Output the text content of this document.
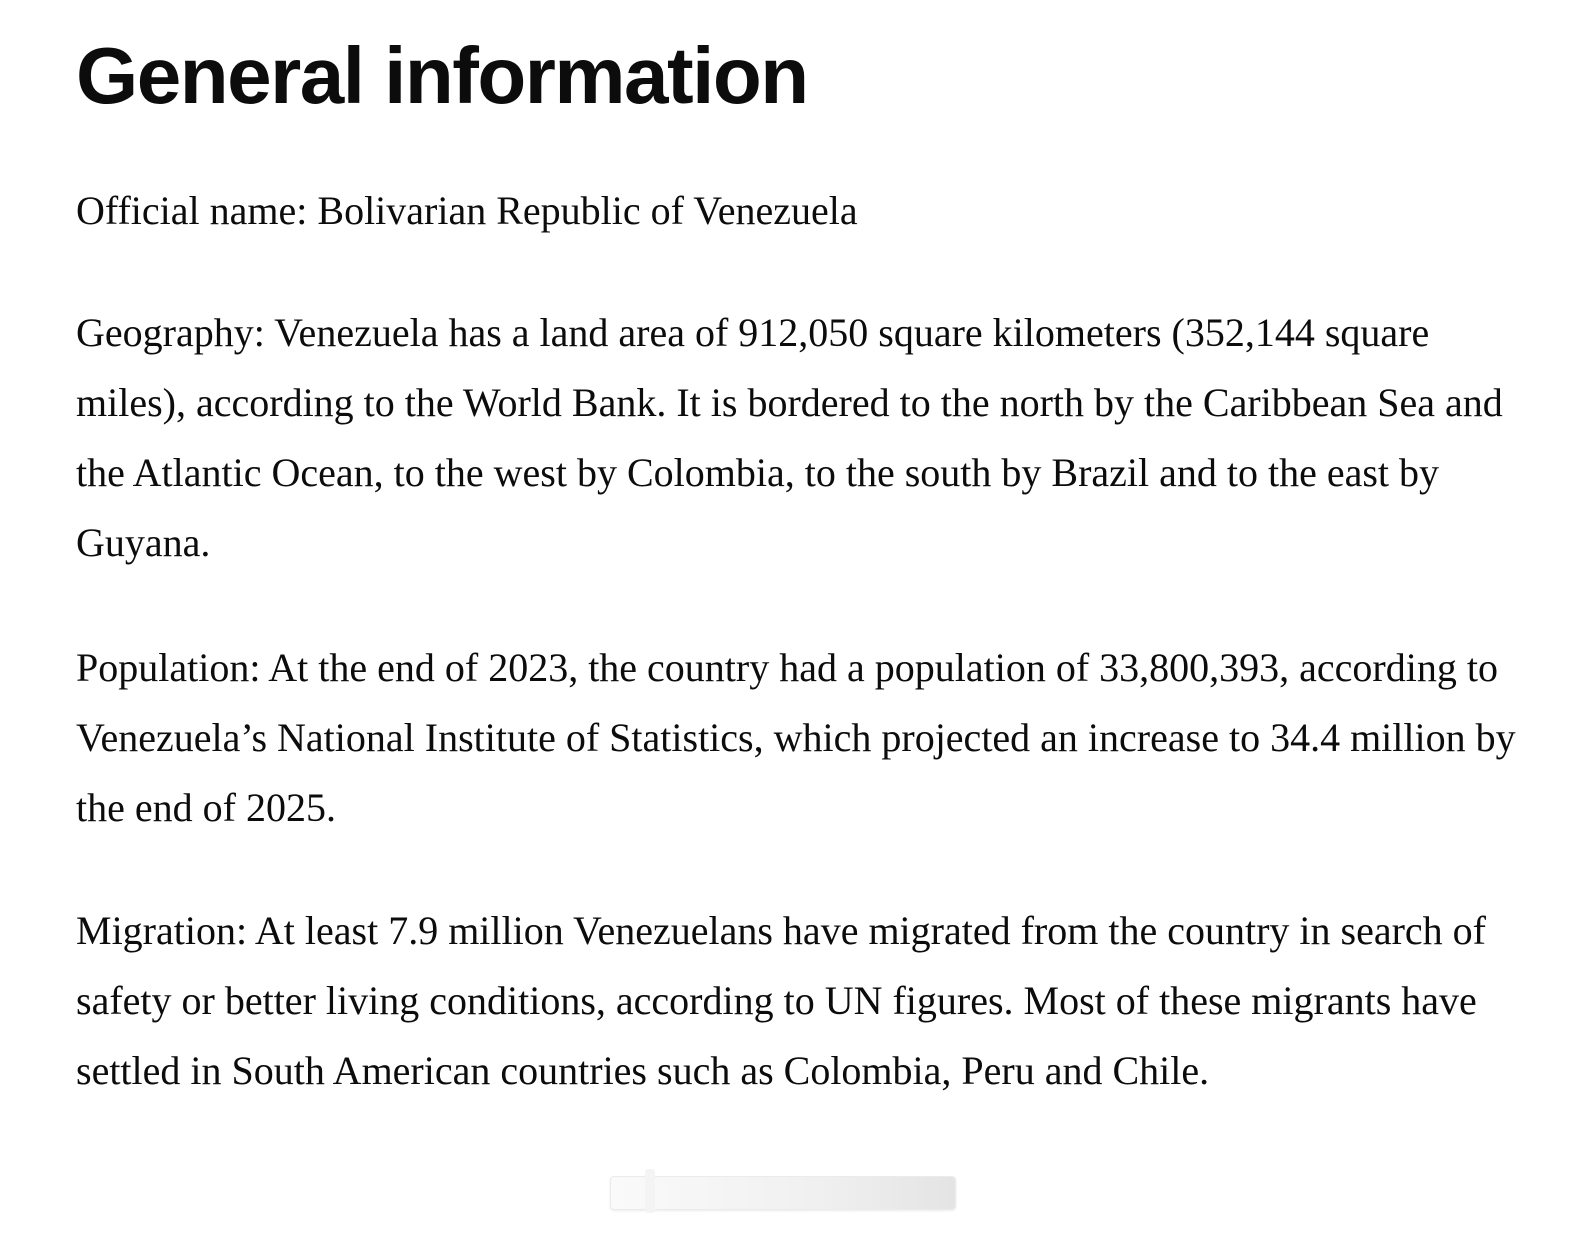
General information

Official name: Bolivarian Republic of Venezuela

Geography: Venezuela has a land area of 912,050 square kilometers (352,144 square miles), according to the World Bank. It is bordered to the north by the Caribbean Sea and the Atlantic Ocean, to the west by Colombia, to the south by Brazil and to the east by Guyana.

Population: At the end of 2023, the country had a population of 33,800,393, according to Venezuela’s National Institute of Statistics, which projected an increase to 34.4 million by the end of 2025.

Migration: At least 7.9 million Venezuelans have migrated from the country in search of safety or better living conditions, according to UN figures. Most of these migrants have settled in South American countries such as Colombia, Peru and Chile.
